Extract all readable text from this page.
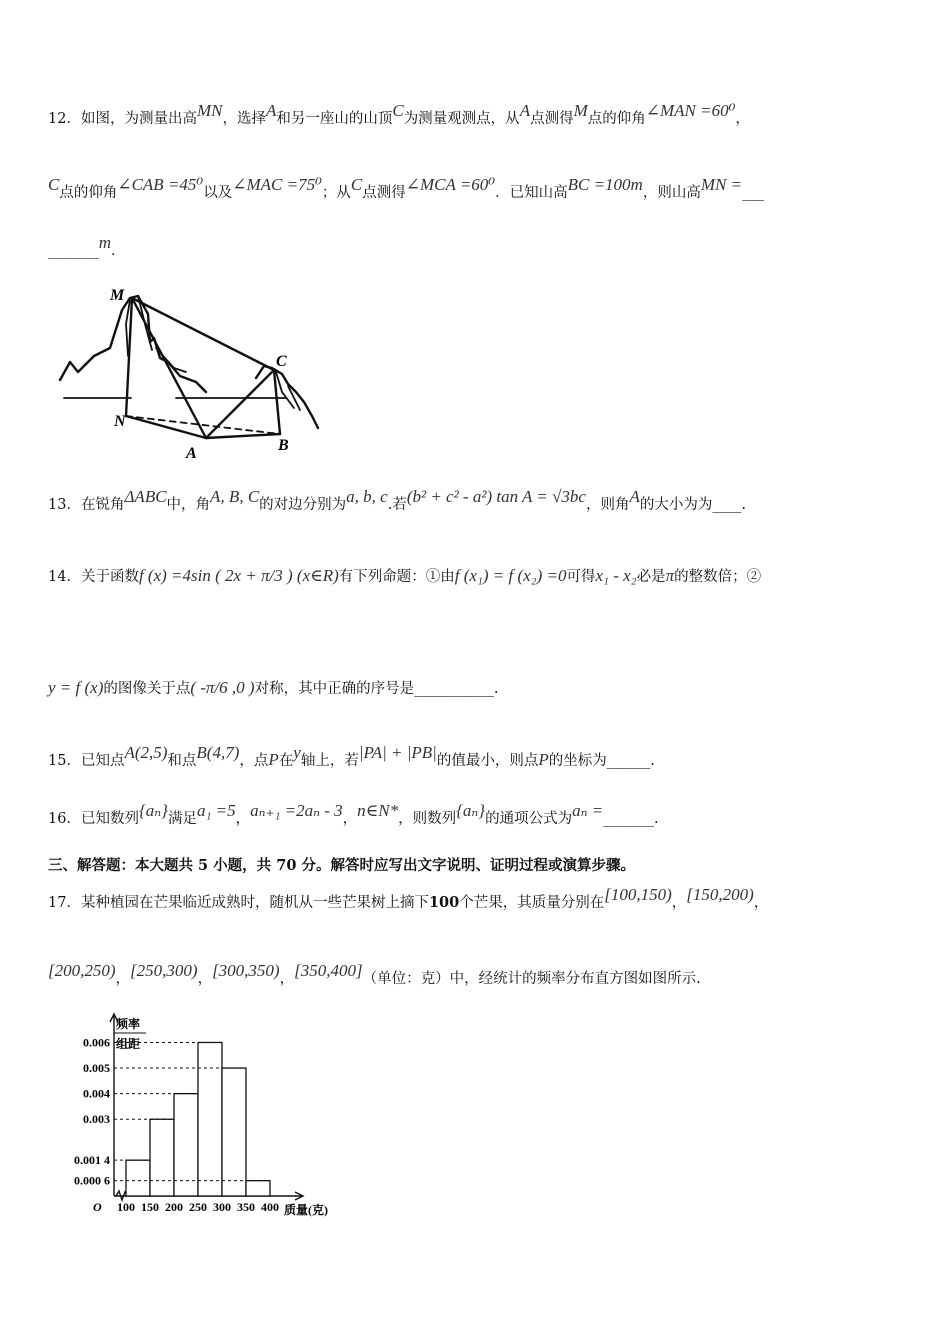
12．如图，为测量出高MN，选择A和另一座山的山顶C为测量观测点，从A点测得M点的仰角∠MAN =60⁰，
C点的仰角∠CAB =45⁰以及∠MAC =75⁰；从C点测得∠MCA =60⁰．已知山高BC =100m，则山高MN =___
_______m．
M
N
A	B
C
13．在锐角ΔABC中，角A, B, C的对边分别为a, b, c.若(b² + c² - a²) tan A = √3bc，则角A的大小为为____.
14．关于函数f (x) =4sin ( 2x + π/3 ) (x∈R)有下列命题：①由f (x₁) = f (x₂) =0可得x₁ - x₂必是π的整数倍；②
y = f (x)的图像关于点( -π/6 ,0 )对称，其中正确的序号是___________.
15．已知点A(2,5)和点B(4,7)，点P在y轴上，若|PA| + |PB|的值最小，则点P的坐标为______.
16．已知数列{aₙ}满足a₁ =5，aₙ₊₁ =2aₙ - 3，n∈N*，则数列{aₙ}的通项公式为aₙ =_______.
三、解答题：本大题共 5 小题，共 70 分。解答时应写出文字说明、证明过程或演算步骤。
17．某种植园在芒果临近成熟时，随机从一些芒果树上摘下100个芒果，其质量分别在[100,150)，[150,200)，
[200,250)，[250,300)，[300,350)，[350,400]（单位：克）中，经统计的频率分布直方图如图所示.
频率
组距
O	质量(克)
0.000 6
0.001 4
0.003
0.004
0.005
0.006
100 150 200 250 300 350 400
